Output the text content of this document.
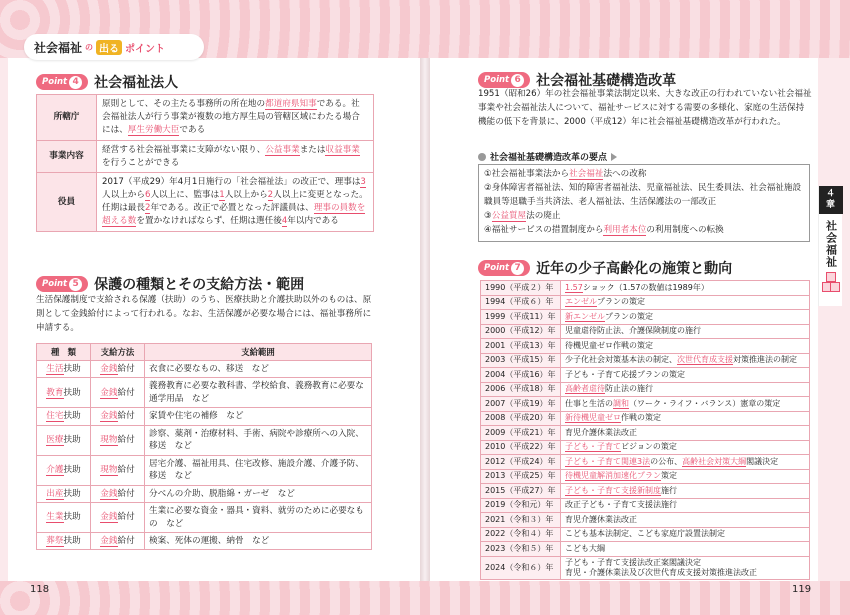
社会福祉 の 出る ポイント
Point 4 社会福祉法人
所轄庁	原則として、その主たる事務所の所在地の都道府県知事である。社会福祉法人が行う事業が複数の地方厚生局の管轄区域にわたる場合には、厚生労働大臣である
事業内容	経営する社会福祉事業に支障がない限り、公益事業または収益事業を行うことができる
役員	2017（平成29）年4月1日施行の「社会福祉法」の改正で、理事は3人以上から6人以上に、監事は1人以上から2人以上に変更となった。任期は最長2年である。改正で必置となった評議員は、理事の員数を超える数を置かなければならず、任期は選任後4年以内である
Point 5 保護の種類とその支給方法・範囲
生活保護制度で支給される保護（扶助）のうち、医療扶助と介護扶助以外のものは、原則として金銭給付によって行われる。なお、生活保護が必要な場合には、福祉事務所に申請する。
種　類	支給方法	支給範囲
生活扶助	金銭給付	衣食に必要なもの、移送　など
教育扶助	金銭給付	義務教育に必要な教科書、学校給食、義務教育に必要な通学用品　など
住宅扶助	金銭給付	家賃や住宅の補修　など
医療扶助	現物給付	診察、薬剤・治療材料、手術、病院や診療所への入院、移送　など
介護扶助	現物給付	居宅介護、福祉用具、住宅改修、施設介護、介護予防、移送　など
出産扶助	金銭給付	分べんの介助、脱脂綿・ガーゼ　など
生業扶助	金銭給付	生業に必要な資金・器具・資料、就労のために必要なもの　など
葬祭扶助	金銭給付	検案、死体の運搬、納骨　など
Point 6 社会福祉基礎構造改革
1951（昭和26）年の社会福祉事業法制定以来、大きな改正の行われていない社会福祉事業や社会福祉法人について、福祉サービスに対する需要の多様化、家庭の生活保持機能の低下を背景に、2000（平成12）年に社会福祉基礎構造改革が行われた。
社会福祉基礎構造改革の要点
①社会福祉事業法から社会福祉法への改称
②身体障害者福祉法、知的障害者福祉法、児童福祉法、民生委員法、社会福祉施設職員等退職手当共済法、老人福祉法、生活保護法の一部改正
③公益質屋法の廃止
④福祉サービスの措置制度から利用者本位の利用制度への転換
Point 7 近年の少子高齢化の施策と動向
1990（平成２）年	1.57ショック（1.57の数値は1989年）
1994（平成６）年	エンゼルプランの策定
1999（平成11）年	新エンゼルプランの策定
2000（平成12）年	児童虐待防止法、介護保険制度の施行
2001（平成13）年	待機児童ゼロ作戦の策定
2003（平成15）年	少子化社会対策基本法の制定、次世代育成支援対策推進法の制定
2004（平成16）年	子ども・子育て応援プランの策定
2006（平成18）年	高齢者虐待防止法の施行
2007（平成19）年	仕事と生活の調和（ワーク・ライフ・バランス）憲章の策定
2008（平成20）年	新待機児童ゼロ作戦の策定
2009（平成21）年	育児介護休業法改正
2010（平成22）年	子ども・子育てビジョンの策定
2012（平成24）年	子ども・子育て関連3法の公布、高齢社会対策大綱閣議決定
2013（平成25）年	待機児童解消加速化プラン策定
2015（平成27）年	子ども・子育て支援新制度施行
2019（令和元）年	改正子ども・子育て支援法施行
2021（令和３）年	育児介護休業法改正
2022（令和４）年	こども基本法制定、こども家庭庁設置法制定
2023（令和５）年	こども大綱
2024（令和６）年	子ども・子育て支援法改正案閣議決定
育児・介護休業法及び次世代育成支援対策推進法改正
４
章
社会福祉
118	119
